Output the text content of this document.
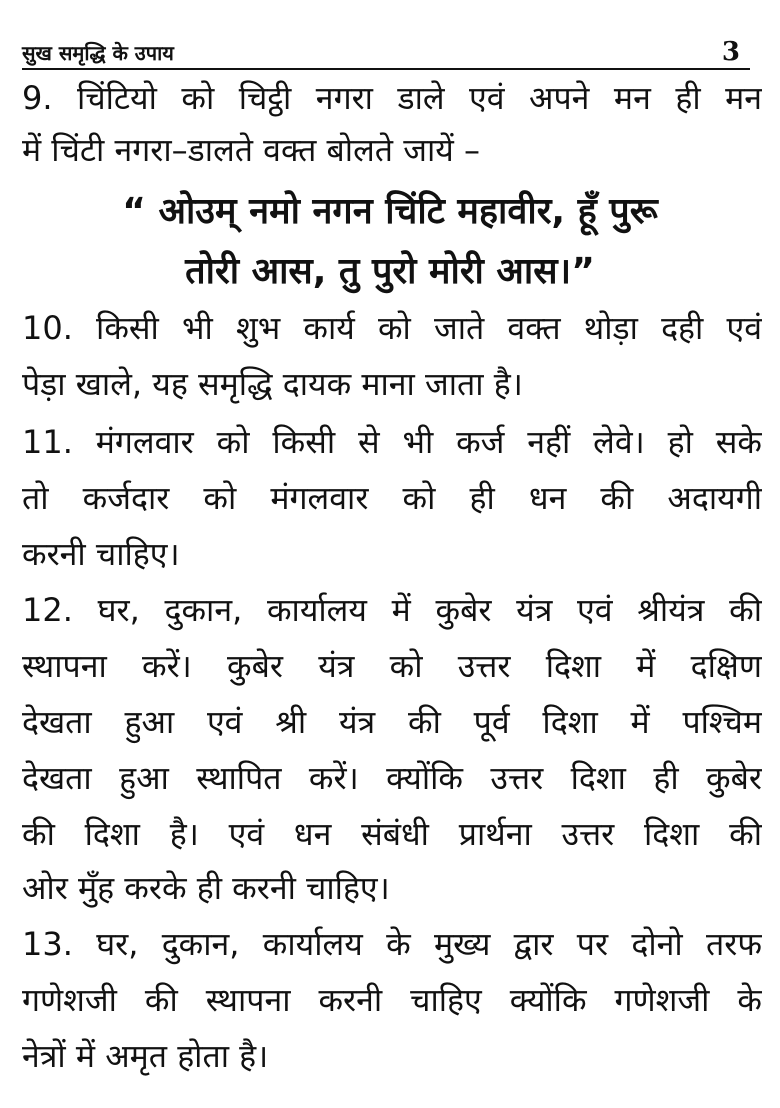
सुख समृद्धि के उपाय	3
9. चिंटियो को चिट्ठी नगरा डाले एवं अपने मन ही मन
में चिंटी नगरा–डालते वक्त बोलते जायें –
“ ओउम् नमो नगन चिंटि महावीर, हूँ पुरू
तोरी आस, तु पुरो मोरी आस।”
10. किसी भी शुभ कार्य को जाते वक्त थोड़ा दही एवं
पेड़ा खाले, यह समृद्धि दायक माना जाता है।
11. मंगलवार को किसी से भी कर्ज नहीं लेवे। हो सके
तो कर्जदार को मंगलवार को ही धन की अदायगी
करनी चाहिए।
12. घर, दुकान, कार्यालय में कुबेर यंत्र एवं श्रीयंत्र की
स्थापना करें। कुबेर यंत्र को उत्तर दिशा में दक्षिण
देखता हुआ एवं श्री यंत्र की पूर्व दिशा में पश्चिम
देखता हुआ स्थापित करें। क्योंकि उत्तर दिशा ही कुबेर
की दिशा है। एवं धन संबंधी प्रार्थना उत्तर दिशा की
ओर मुँह करके ही करनी चाहिए।
13. घर, दुकान, कार्यालय के मुख्य द्वार पर दोनो तरफ
गणेशजी की स्थापना करनी चाहिए क्योंकि गणेशजी के
नेत्रों में अमृत होता है।
